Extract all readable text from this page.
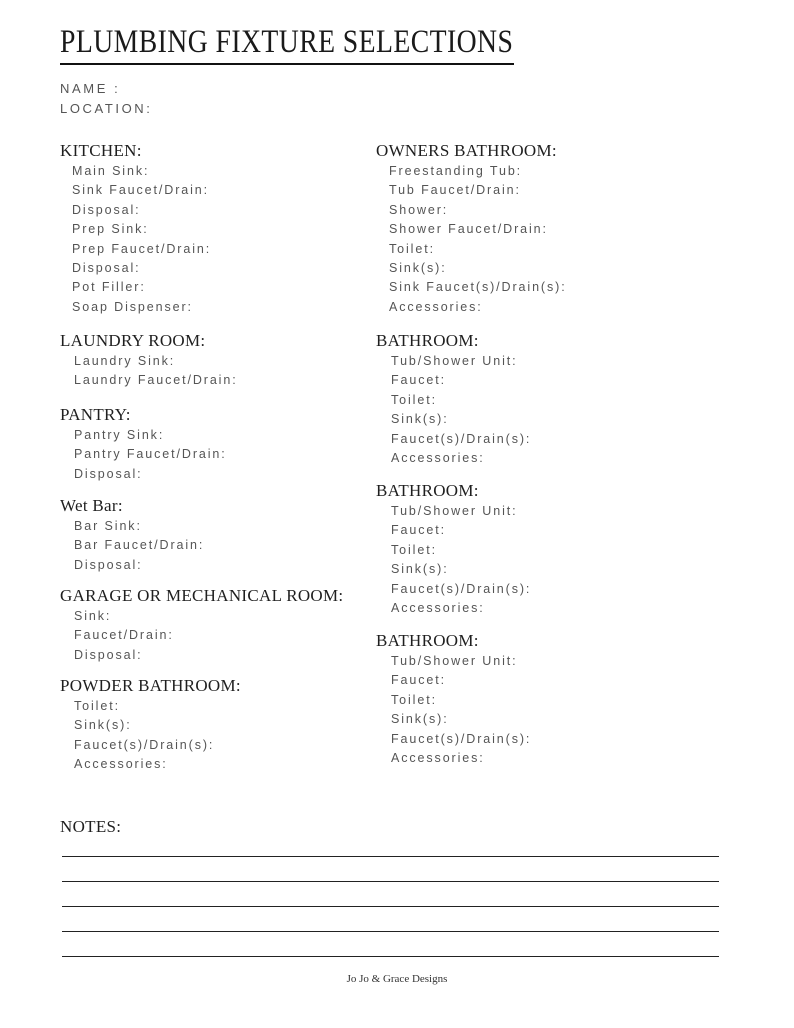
PLUMBING FIXTURE SELECTIONS
NAME :
LOCATION:
KITCHEN:
Main Sink:
Sink Faucet/Drain:
Disposal:
Prep Sink:
Prep Faucet/Drain:
Disposal:
Pot Filler:
Soap Dispenser:
LAUNDRY ROOM:
Laundry Sink:
Laundry Faucet/Drain:
PANTRY:
Pantry Sink:
Pantry Faucet/Drain:
Disposal:
Wet Bar:
Bar Sink:
Bar Faucet/Drain:
Disposal:
GARAGE OR MECHANICAL ROOM:
Sink:
Faucet/Drain:
Disposal:
POWDER BATHROOM:
Toilet:
Sink(s):
Faucet(s)/Drain(s):
Accessories:
OWNERS BATHROOM:
Freestanding Tub:
Tub Faucet/Drain:
Shower:
Shower Faucet/Drain:
Toilet:
Sink(s):
Sink Faucet(s)/Drain(s):
Accessories:
BATHROOM:
Tub/Shower Unit:
Faucet:
Toilet:
Sink(s):
Faucet(s)/Drain(s):
Accessories:
BATHROOM:
Tub/Shower Unit:
Faucet:
Toilet:
Sink(s):
Faucet(s)/Drain(s):
Accessories:
BATHROOM:
Tub/Shower Unit:
Faucet:
Toilet:
Sink(s):
Faucet(s)/Drain(s):
Accessories:
NOTES:
Jo Jo & Grace Designs
